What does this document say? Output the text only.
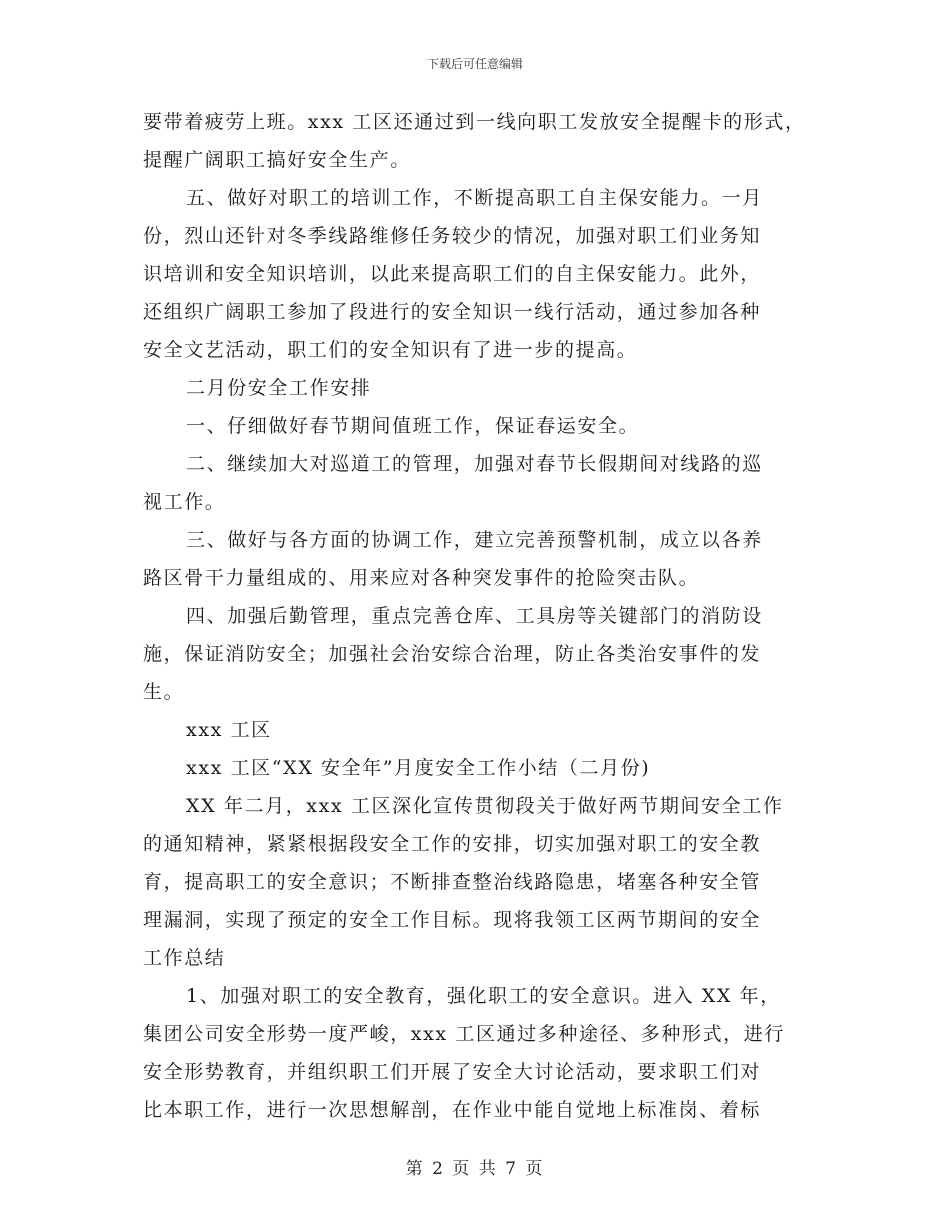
下载后可任意编辑
要带着疲劳上班。xxx 工区还通过到一线向职工发放安全提醒卡的形式，
提醒广阔职工搞好安全生产。
五、做好对职工的培训工作，不断提高职工自主保安能力。一月
份，烈山还针对冬季线路维修任务较少的情况，加强对职工们业务知
识培训和安全知识培训，以此来提高职工们的自主保安能力。此外，
还组织广阔职工参加了段进行的安全知识一线行活动，通过参加各种
安全文艺活动，职工们的安全知识有了进一步的提高。
二月份安全工作安排
一、仔细做好春节期间值班工作，保证春运安全。
二、继续加大对巡道工的管理，加强对春节长假期间对线路的巡
视工作。
三、做好与各方面的协调工作，建立完善预警机制，成立以各养
路区骨干力量组成的、用来应对各种突发事件的抢险突击队。
四、加强后勤管理，重点完善仓库、工具房等关键部门的消防设
施，保证消防安全；加强社会治安综合治理，防止各类治安事件的发
生。
xxx 工区
xxx 工区“XX 安全年”月度安全工作小结（二月份)
XX 年二月，xxx 工区深化宣传贯彻段关于做好两节期间安全工作
的通知精神，紧紧根据段安全工作的安排，切实加强对职工的安全教
育，提高职工的安全意识；不断排查整治线路隐患，堵塞各种安全管
理漏洞，实现了预定的安全工作目标。现将我领工区两节期间的安全
工作总结
1、加强对职工的安全教育，强化职工的安全意识。进入 XX 年，
集团公司安全形势一度严峻，xxx 工区通过多种途径、多种形式，进行
安全形势教育，并组织职工们开展了安全大讨论活动，要求职工们对
比本职工作，进行一次思想解剖，在作业中能自觉地上标准岗、着标
第 2 页 共 7 页
